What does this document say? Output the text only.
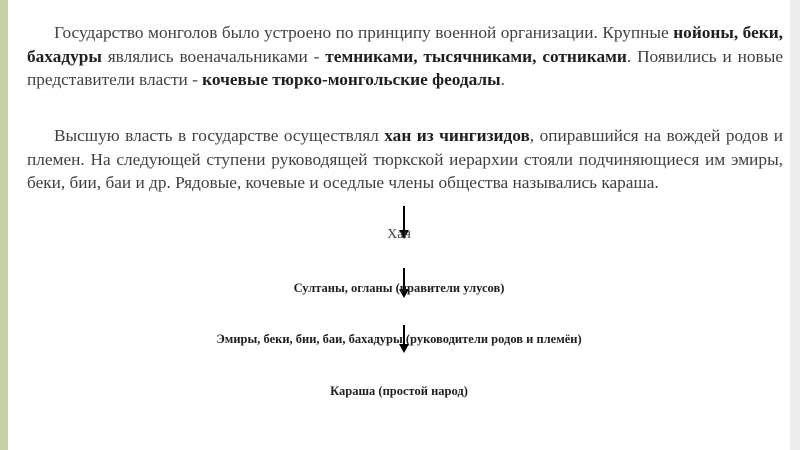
Государство монголов было устроено по принципу военной организации. Крупные нойоны, беки, бахадуры являлись военачальниками - темниками, тысячниками, сотниками. Появились и новые представители власти - кочевые тюрко-монгольские феодалы.

Высшую власть в государстве осуществлял хан из чингизидов, опиравшийся на вождей родов и племен. На следующей ступени руководящей тюркской иерархии стояли подчиняющиеся им эмиры, беки, бии, баи и др. Рядовые, кочевые и оседлые члены общества назывались караша.

Хан

Султаны, огланы (правители улусов)

Эмиры, беки, бии, баи, бахадуры (руководители родов и племён)

Караша (простой народ)
